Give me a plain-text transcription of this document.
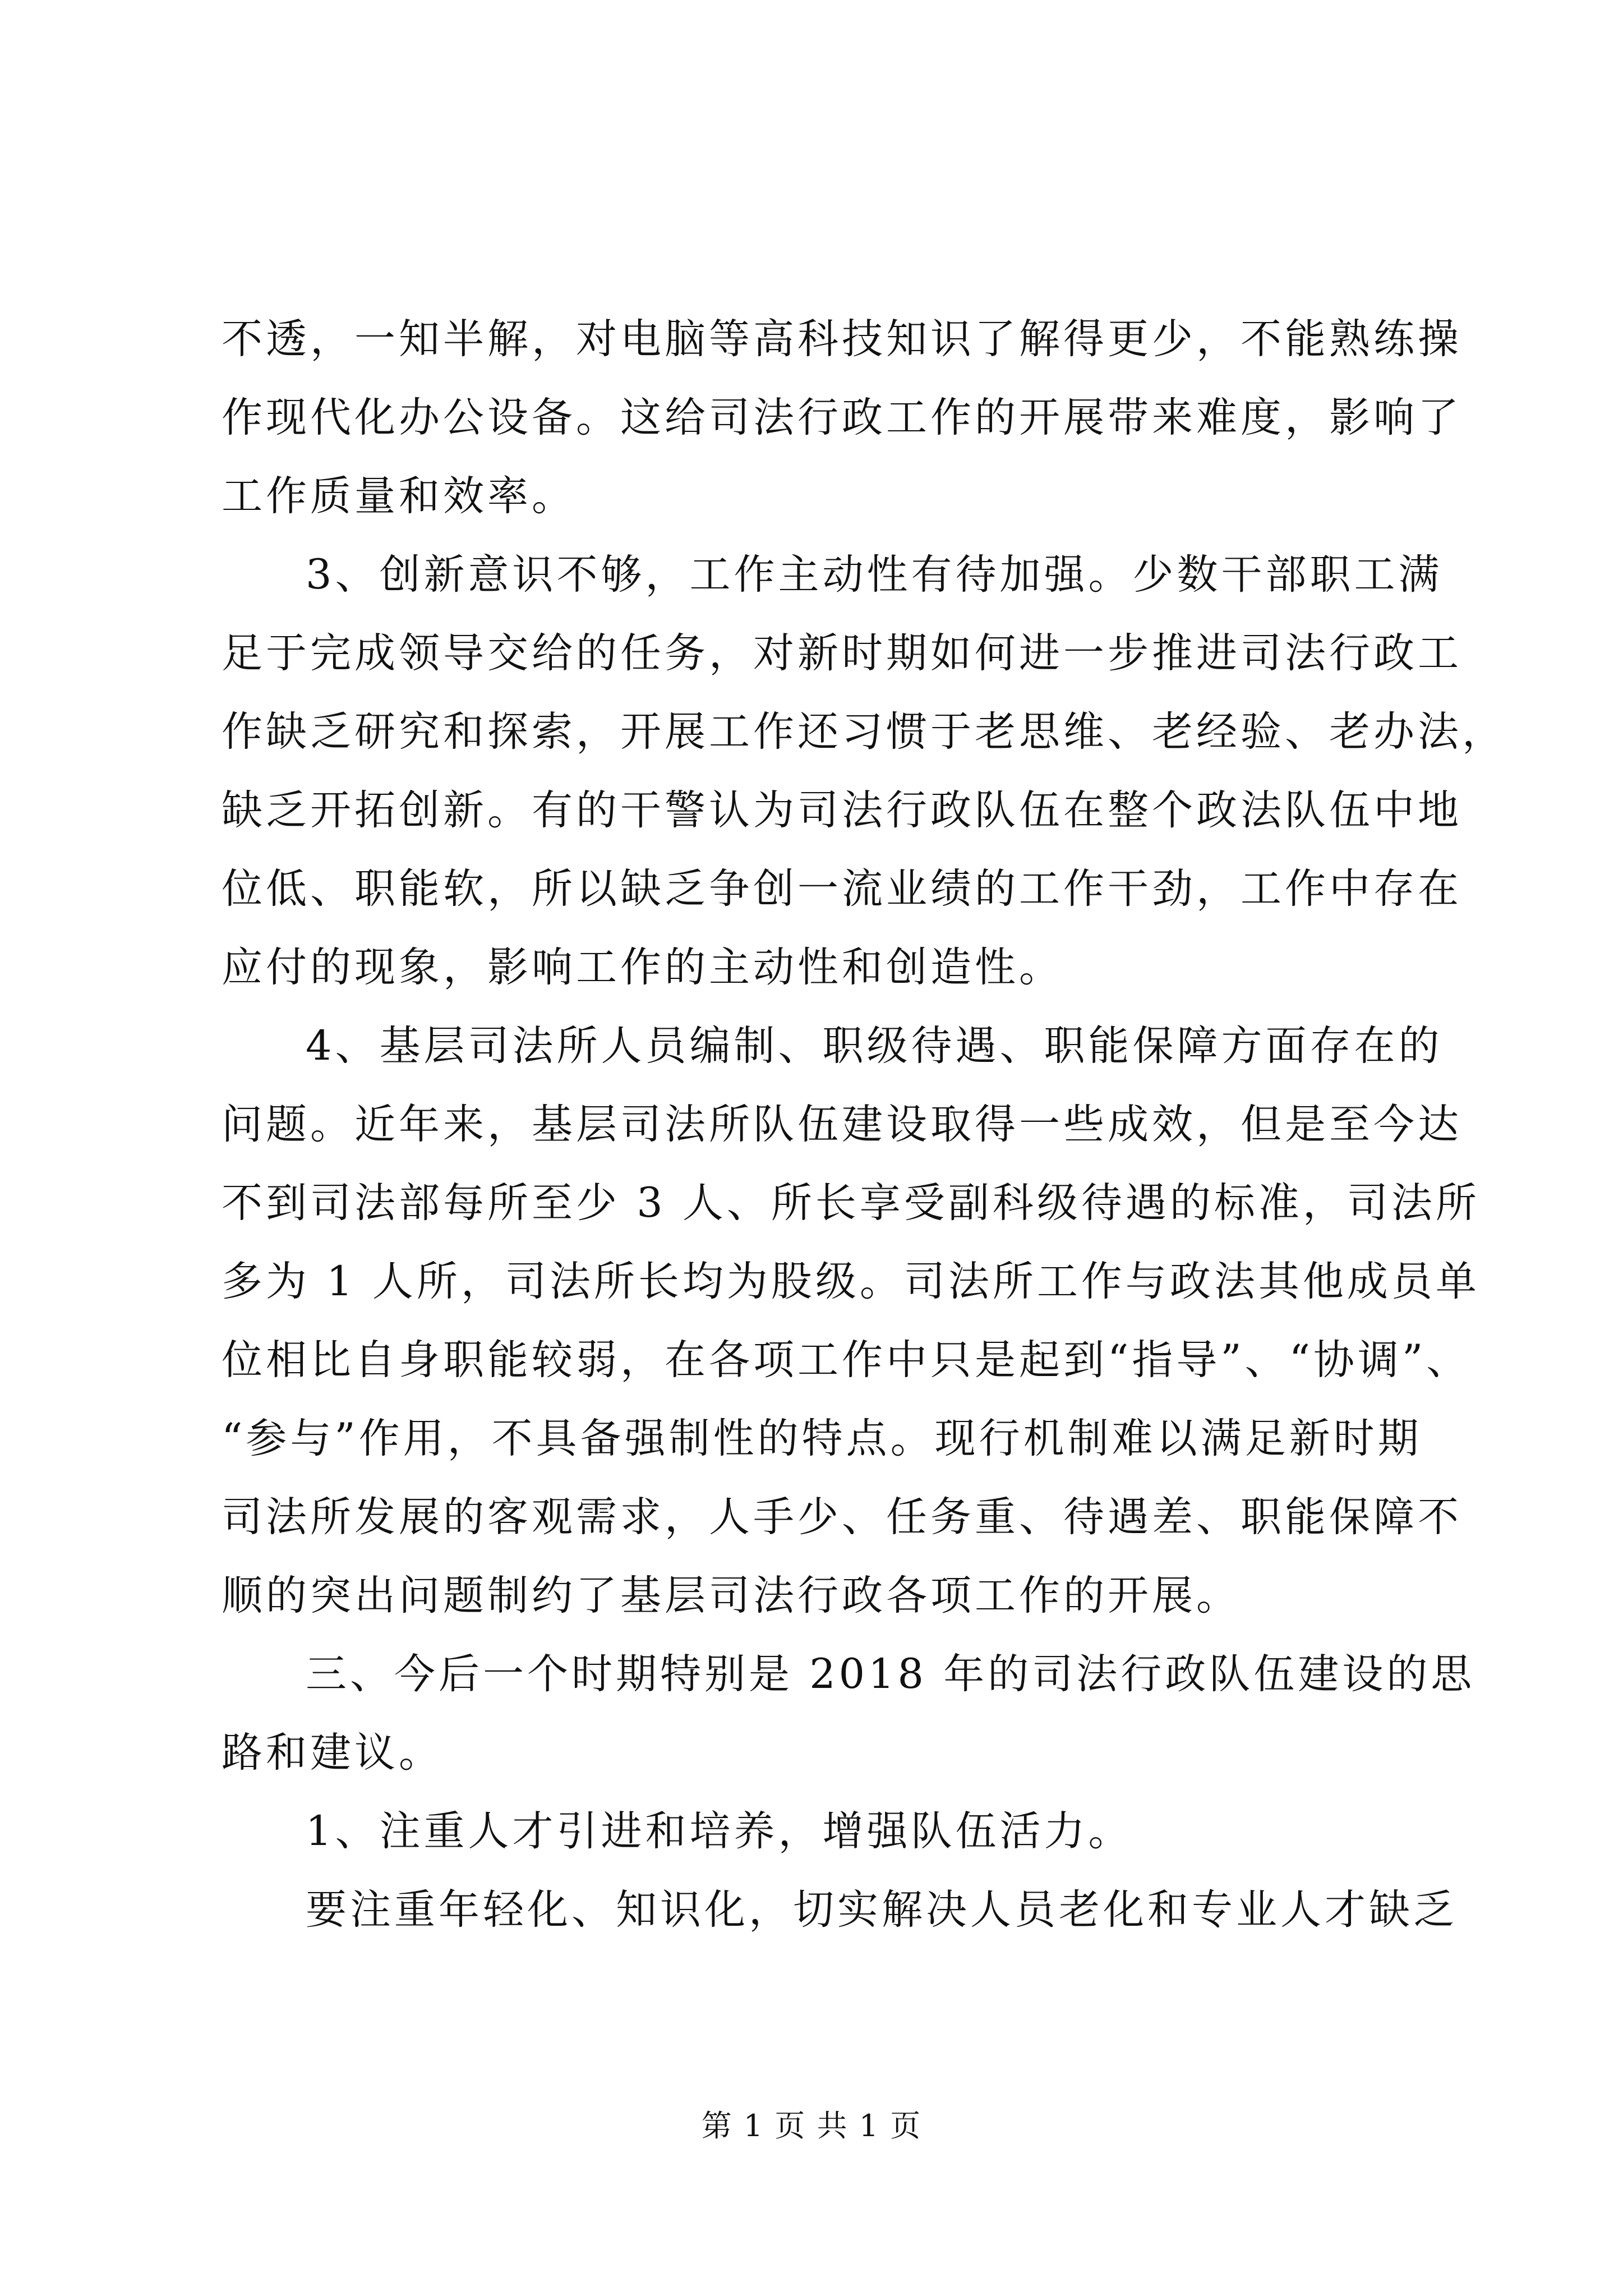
不透，一知半解，对电脑等高科技知识了解得更少，不能熟练操
作现代化办公设备。这给司法行政工作的开展带来难度，影响了
工作质量和效率。
3、创新意识不够，工作主动性有待加强。少数干部职工满
足于完成领导交给的任务，对新时期如何进一步推进司法行政工
作缺乏研究和探索，开展工作还习惯于老思维、老经验、老办法，
缺乏开拓创新。有的干警认为司法行政队伍在整个政法队伍中地
位低、职能软，所以缺乏争创一流业绩的工作干劲，工作中存在
应付的现象，影响工作的主动性和创造性。
4、基层司法所人员编制、职级待遇、职能保障方面存在的
问题。近年来，基层司法所队伍建设取得一些成效，但是至今达
不到司法部每所至少 3 人、所长享受副科级待遇的标准，司法所
多为 1 人所，司法所长均为股级。司法所工作与政法其他成员单
位相比自身职能较弱，在各项工作中只是起到“指导”、“协调”、
“参与”作用，不具备强制性的特点。现行机制难以满足新时期
司法所发展的客观需求，人手少、任务重、待遇差、职能保障不
顺的突出问题制约了基层司法行政各项工作的开展。
三、今后一个时期特别是 2018 年的司法行政队伍建设的思
路和建议。
1、注重人才引进和培养，增强队伍活力。
要注重年轻化、知识化，切实解决人员老化和专业人才缺乏
第 1 页 共 1 页
